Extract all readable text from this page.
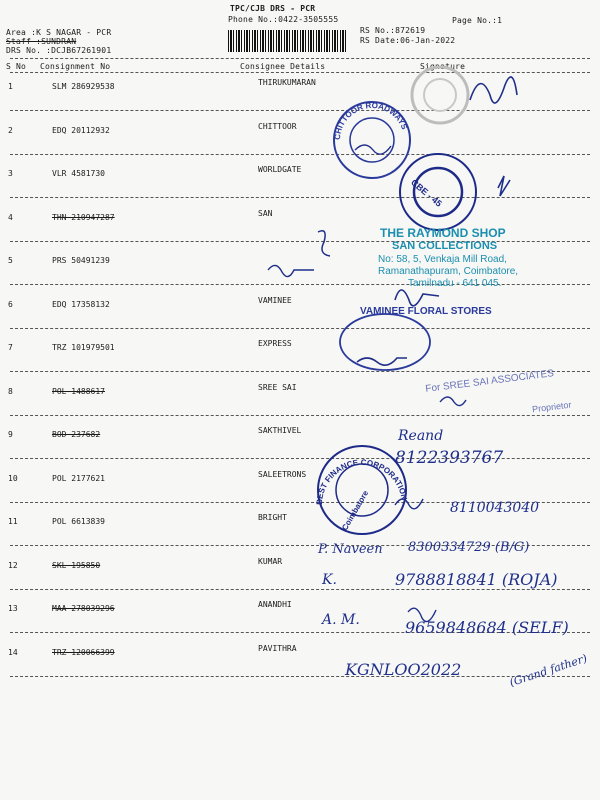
TPC/CJB DRS - PCR
Phone No.:0422-3505555
Area :K S NAGAR - PCR
Staff :SUNDRAN
DRS No. :DCJB67261901
RS No.:872619
RS Date:06-Jan-2022
Page No.:1
S No Consignment No	Consignee Details	Signature
1	SLM 286929538	THIRUKUMARAN
2	EDQ 20112932	CHITTOOR
3	VLR 4581730	WORLDGATE
4	THN 210947287	SAN
5	PRS 50491239
6	EDQ 17358132	VAMINEE
7	TRZ 101979501	EXPRESS
8	POL 1488617	SREE SAI
9	BOD 237682	SAKTHIVEL
10	POL 2177621	SALEETRONS
11	POL 6613839	BRIGHT
12	SKL 195850	KUMAR
13	MAA 278039296	ANANDHI
14	TRZ 120066399	PAVITHRA
CHITTOOR ROADWAYS
BEST FINANCE CORPORATION
CBE - 45
THE RAYMOND SHOP
SAN COLLECTIONS
No: 58, 5, Venkaja Mill Road,
Ramanathapuram, Coimbatore,
Tamilnadu - 641 045.
VAMINEE FLORAL STORES
For SREE SAI ASSOCIATES
Proprietor
Coimbatore
Reand
8122393767
8110043040
P. Naveen 8300334729 (B/G)
K.	9788818841 (ROJA)
A. M.	9659848684 (SELF)
KGNLOO2022	(Grand father)
